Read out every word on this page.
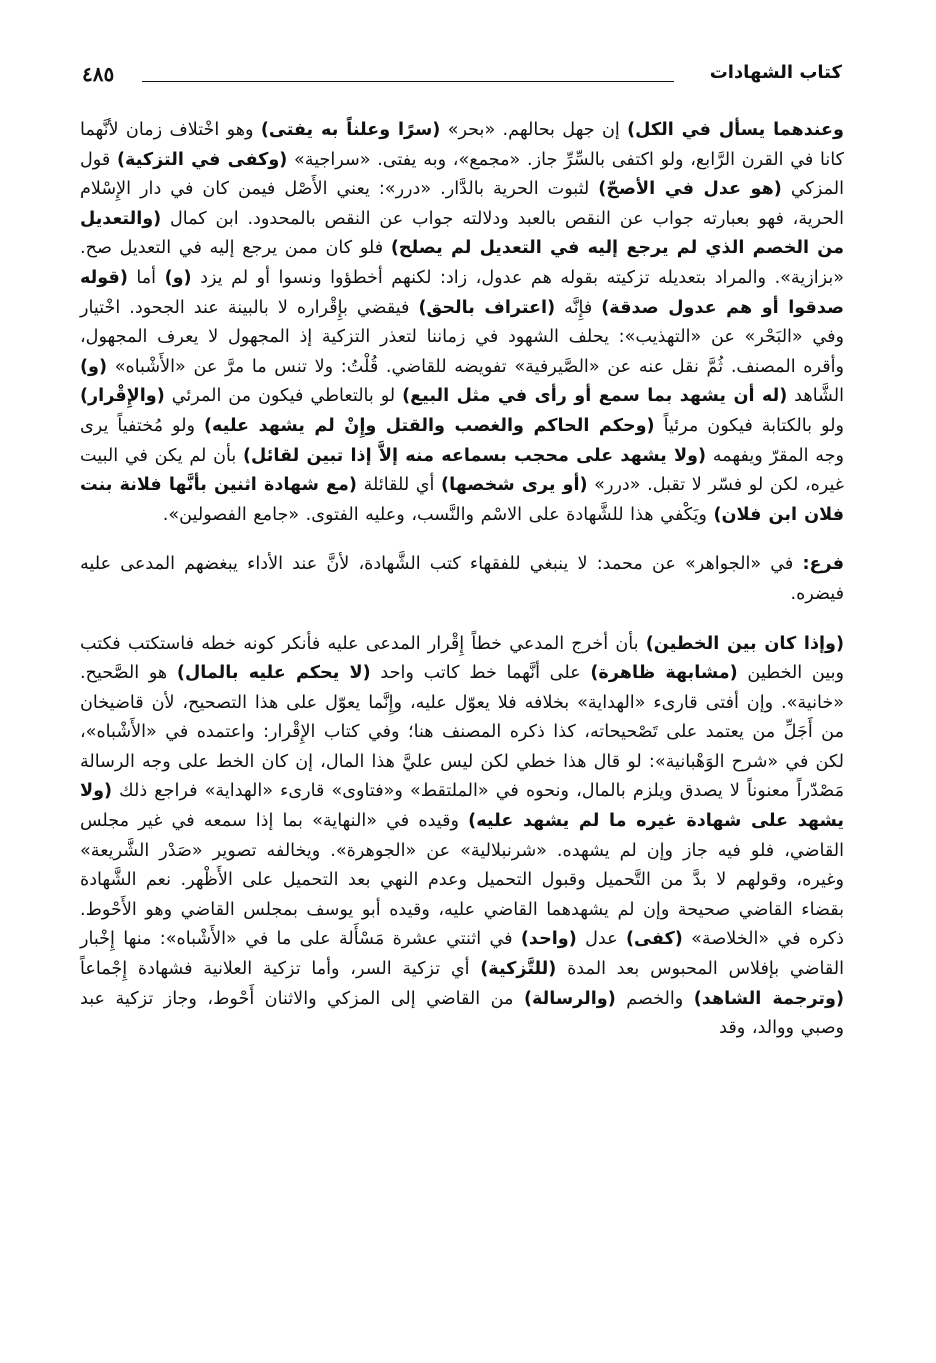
كتاب الشهادات
٤٨٥

وعندهما يسأل في الكل) إن جهل بحالهم. «بحر» (سرًا وعلناً به يفتى) وهو اخْتلاف زمان لأنَّهما كانا في القرن الرَّابع، ولو اكتفى بالسِّرِّ جاز. «مجمع»، وبه يفتى. «سراجية» (وكفى في التزكية) قول المزكي (هو عدل في الأصحّ) لثبوت الحرية بالدَّار. «درر»: يعني الأَصْل فيمن كان في دار الإِسْلام الحرية، فهو بعبارته جواب عن النقص بالعبد ودلالته جواب عن النقص بالمحدود. ابن كمال (والتعديل من الخصم الذي لم يرجع إليه في التعديل لم يصلح) فلو كان ممن يرجع إليه في التعديل صح. «بزازية». والمراد بتعديله تزكيته بقوله هم عدول، زاد: لكنهم أخطؤوا ونسوا أو لم يزد (و) أما (قوله صدقوا أو هم عدول صدقة) فإِنَّه (اعتراف بالحق) فيقضي بإِقْراره لا بالبينة عند الجحود. اخْتيار وفي «البَحْر» عن «التهذيب»: يحلف الشهود في زماننا لتعذر التزكية إذ المجهول لا يعرف المجهول، وأقره المصنف. ثُمَّ نقل عنه عن «الصَّيرفية» تفويضه للقاضي. قُلْتُ: ولا تنس ما مرَّ عن «الأَشْباه» (و) الشَّاهد (له أن يشهد بما سمع أو رأى في مثل البيع) لو بالتعاطي فيكون من المرئي (والإِقْرار) ولو بالكتابة فيكون مرئياً (وحكم الحاكم والغصب والقتل وإِنْ لم يشهد عليه) ولو مُختفياً يرى وجه المقرّ ويفهمه (ولا يشهد على محجب بسماعه منه إلاَّ إذا تبين لقائل) بأن لم يكن في البيت غيره، لكن لو فسّر لا تقبل. «درر» (أو يرى شخصها) أي للقائلة (مع شهادة اثنين بأنَّها فلانة بنت فلان ابن فلان) ويَكْفي هذا للشَّهادة على الاسْم والنَّسب، وعليه الفتوى. «جامع الفصولين».

فرع: في «الجواهر» عن محمد: لا ينبغي للفقهاء كتب الشَّهادة، لأنَّ عند الأداء يبغضهم المدعى عليه فيضره.

(وإذا كان بين الخطين) بأن أخرج المدعي خطاً إِقْرار المدعى عليه فأنكر كونه خطه فاستكتب فكتب وبين الخطين (مشابهة ظاهرة) على أنَّهما خط كاتب واحد (لا يحكم عليه بالمال) هو الصَّحيح. «خانية». وإن أفتى قارىء «الهداية» بخلافه فلا يعوّل عليه، وإِنَّما يعوّل على هذا التصحيح، لأن قاضيخان من أَجَلِّ من يعتمد على تَصْحيحاته، كذا ذكره المصنف هنا؛ وفي كتاب الإِقْرار: واعتمده في «الأَشْباه»، لكن في «شرح الوَهْبانية»: لو قال هذا خطي لكن ليس عليَّ هذا المال، إن كان الخط على وجه الرسالة مَصْدّراً معنوناً لا يصدق ويلزم بالمال، ونحوه في «الملتقط» و«فتاوى» قارىء «الهداية» فراجع ذلك (ولا يشهد على شهادة غيره ما لم يشهد عليه) وقيده في «النهاية» بما إذا سمعه في غير مجلس القاضي، فلو فيه جاز وإن لم يشهده. «شرنبلالية» عن «الجوهرة». ويخالفه تصوير «صَدْر الشَّريعة» وغيره، وقولهم لا بدَّ من التَّحميل وقبول التحميل وعدم النهي بعد التحميل على الأَظْهر. نعم الشَّهادة بقضاء القاضي صحيحة وإن لم يشهدهما القاضي عليه، وقيده أبو يوسف بمجلس القاضي وهو الأَحْوط. ذكره في «الخلاصة» (كفى) عدل (واحد) في اثنتي عشرة مَسْأَلة على ما في «الأَشْباه»: منها إِخْبار القاضي بإفلاس المحبوس بعد المدة (للتَّزكية) أي تزكية السر، وأما تزكية العلانية فشهادة إِجْماعاً (وترجمة الشاهد) والخصم (والرسالة) من القاضي إلى المزكي والاثنان أَحْوط، وجاز تزكية عبد وصبي ووالد، وقد
